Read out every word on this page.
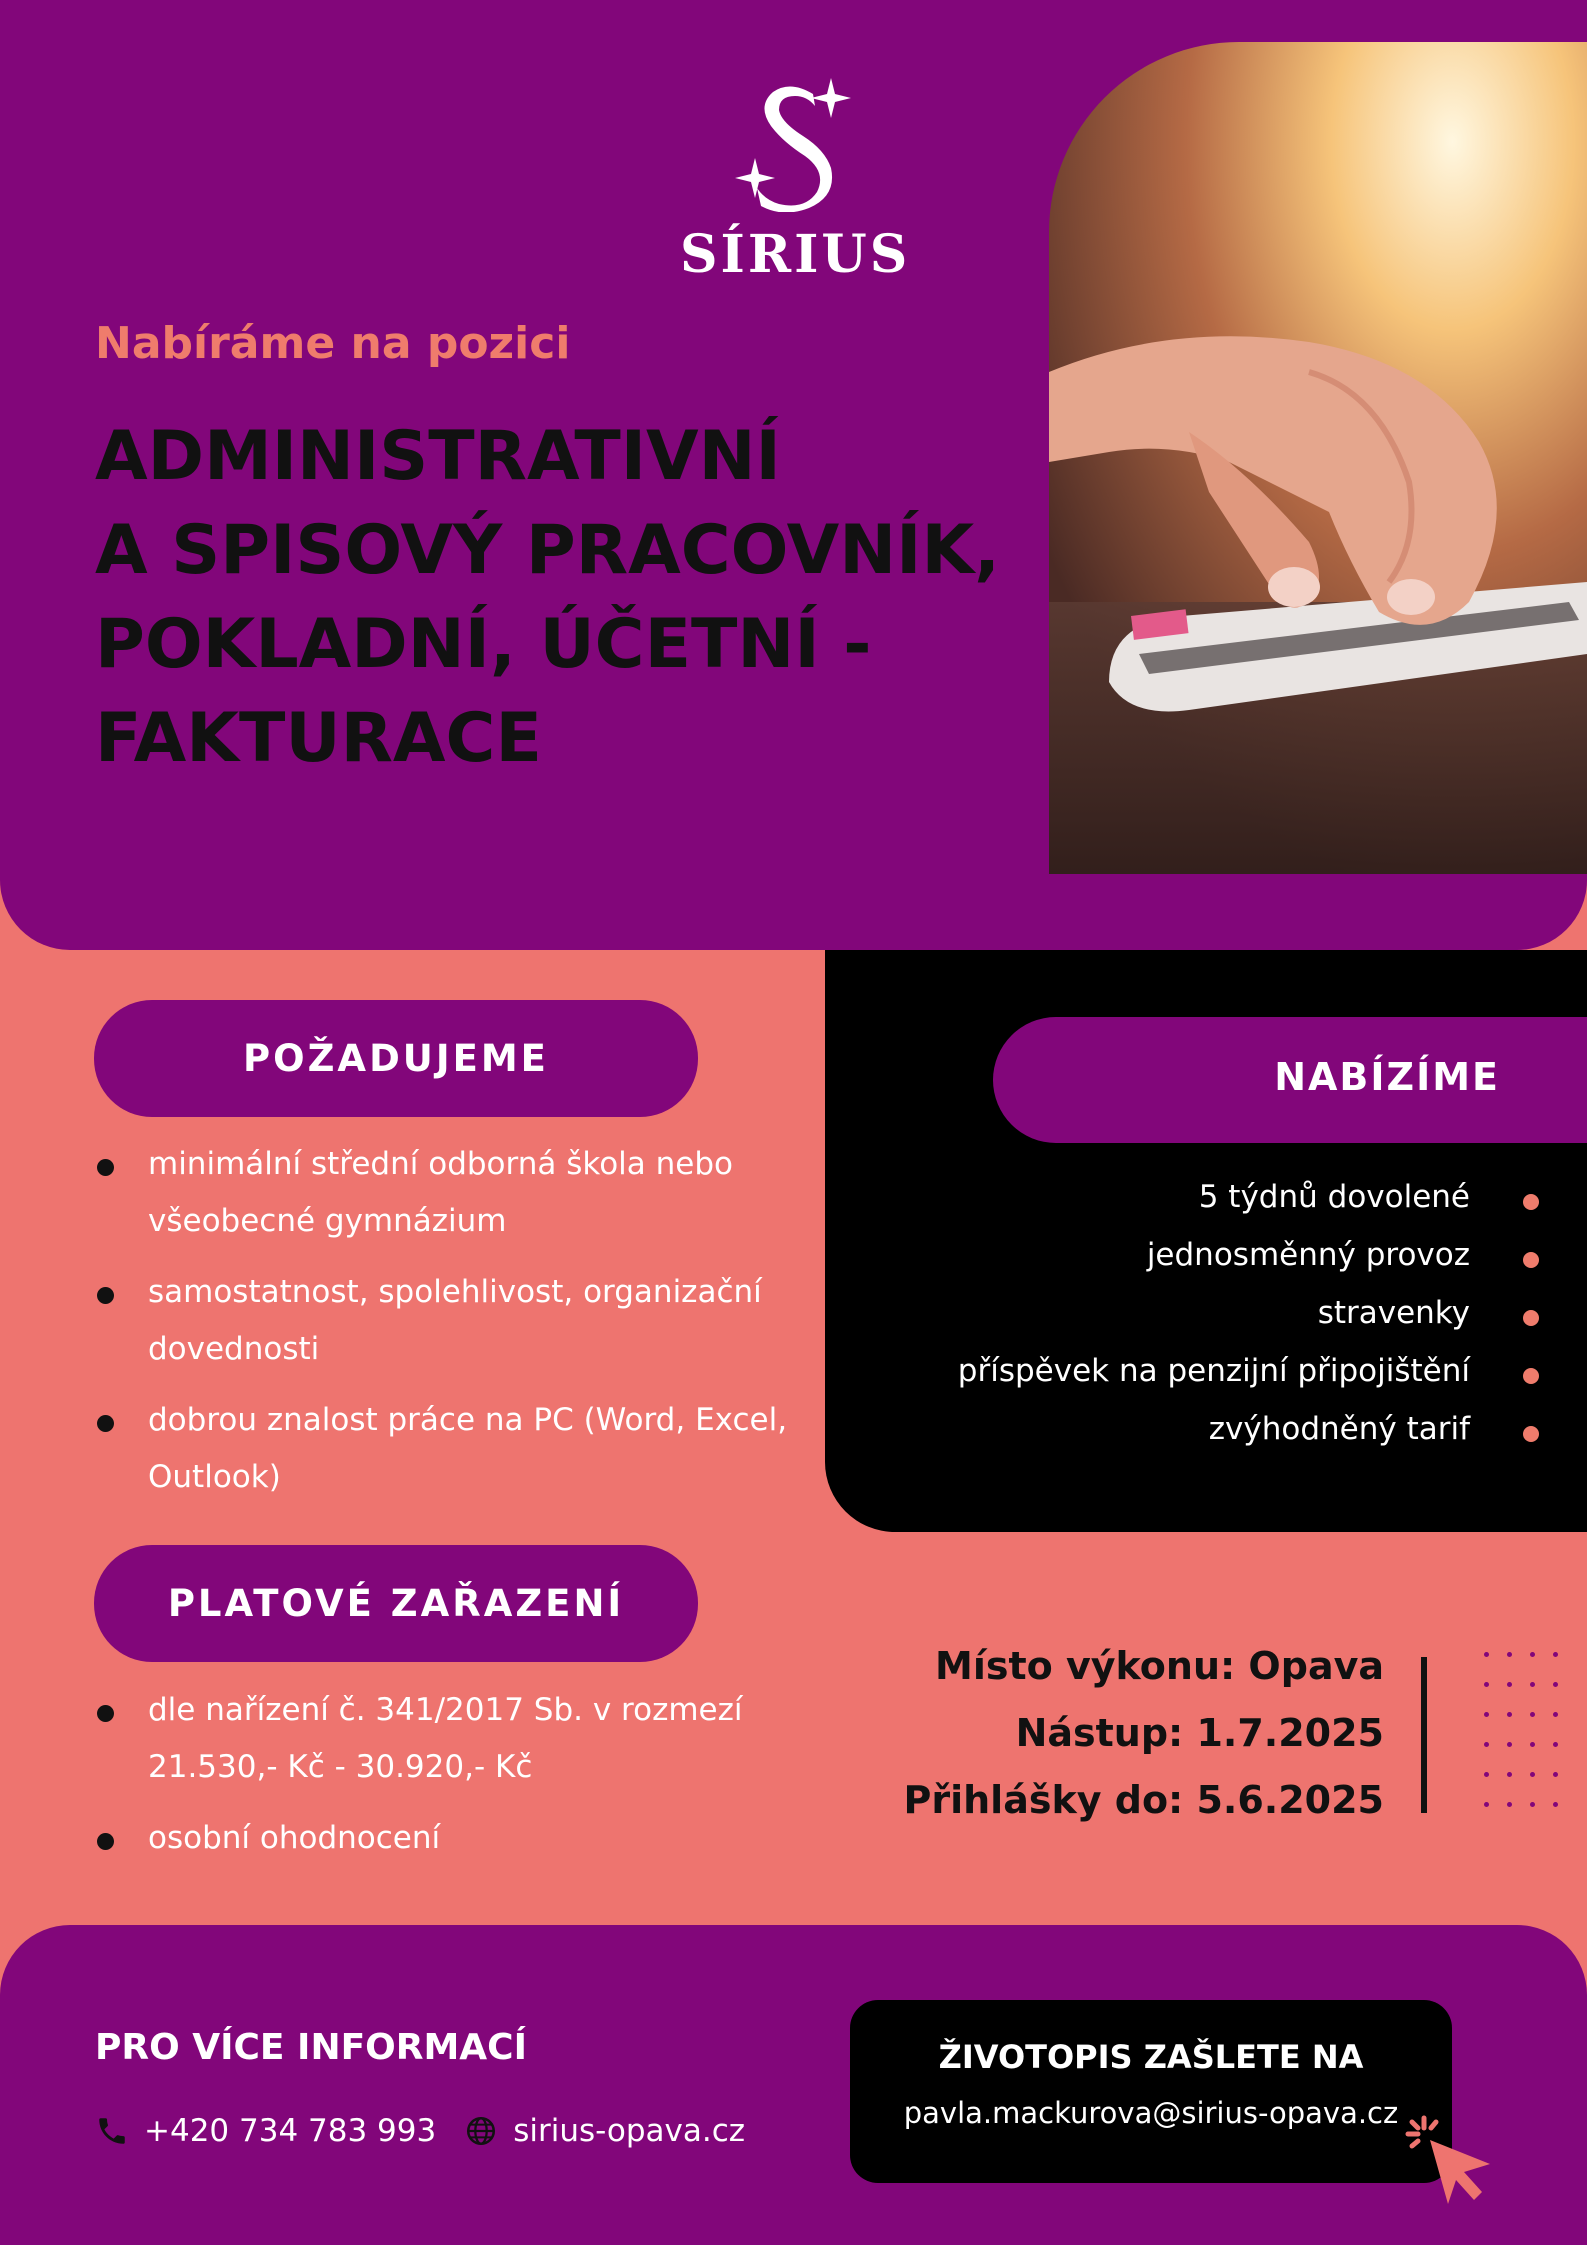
SÍRIUS
Nabíráme na pozici
ADMINISTRATIVNÍ
A SPISOVÝ PRACOVNÍK,
POKLADNÍ, ÚČETNÍ -
FAKTURACE
NABÍZÍME
5 týdnů dovolené
jednosměnný provoz
stravenky
příspěvek na penzijní připojištění
zvýhodněný tarif
POŽADUJEME
minimální střední odborná škola nebo všeobecné gymnázium
samostatnost, spolehlivost, organizační dovednosti
dobrou znalost práce na PC (Word, Excel, Outlook)
PLATOVÉ ZAŘAZENÍ
dle nařízení č. 341/2017 Sb. v rozmezí 21.530,- Kč - 30.920,- Kč
osobní ohodnocení
Místo výkonu: Opava
Nástup: 1.7.2025
Přihlášky do: 5.6.2025
PRO VÍCE INFORMACÍ
+420 734 783 993 sirius-opava.cz
ŽIVOTOPIS ZAŠLETE NA
pavla.mackurova@sirius-opava.cz
